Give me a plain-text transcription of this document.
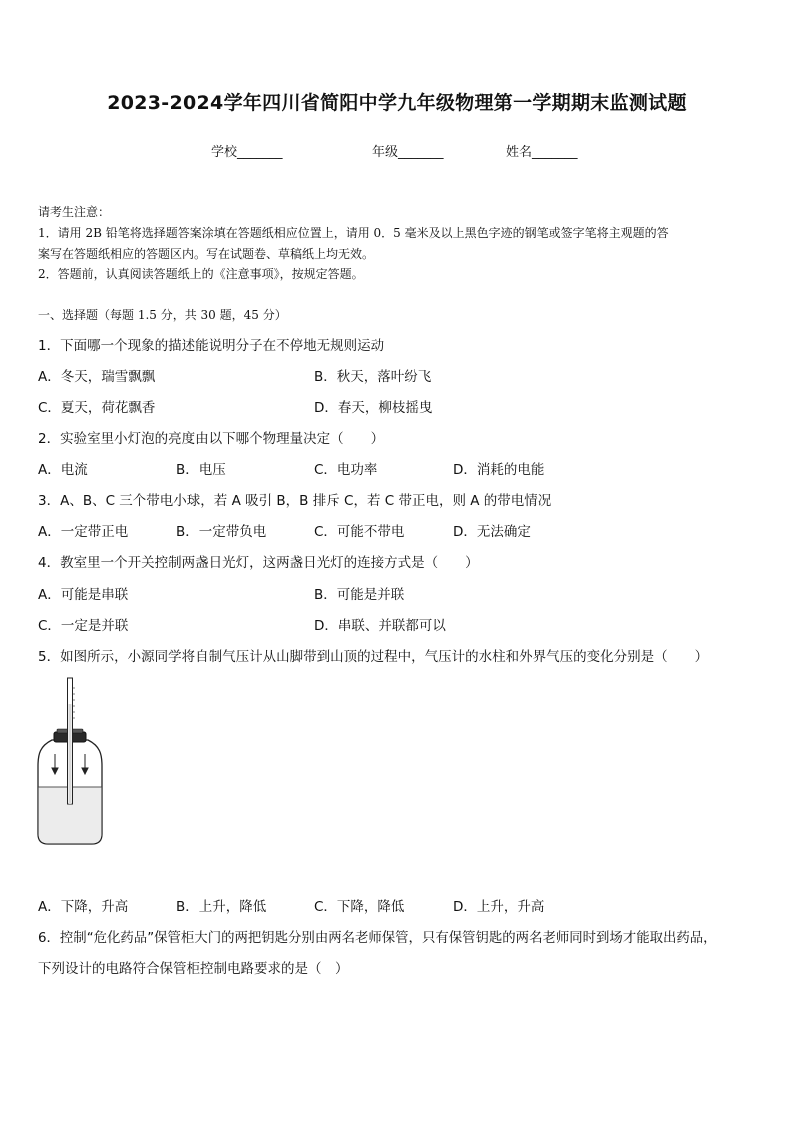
2023-2024学年四川省简阳中学九年级物理第一学期期末监测试题
学校_______	年级_______	姓名_______
请考生注意：
1．请用 2B 铅笔将选择题答案涂填在答题纸相应位置上，请用 0．5 毫米及以上黑色字迹的钢笔或签字笔将主观题的答
案写在答题纸相应的答题区内。写在试题卷、草稿纸上均无效。
2．答题前，认真阅读答题纸上的《注意事项》，按规定答题。
一、选择题（每题 1.5 分，共 30 题，45 分）
1．下面哪一个现象的描述能说明分子在不停地无规则运动
A．冬天，瑞雪飘飘	B．秋天，落叶纷飞
C．夏天，荷花飘香	D．春天，柳枝摇曳
2．实验室里小灯泡的亮度由以下哪个物理量决定（　　）
A．电流	B．电压	C．电功率	D．消耗的电能
3．A、B、C 三个带电小球，若 A 吸引 B，B 排斥 C，若 C 带正电，则 A 的带电情况
A．一定带正电	B．一定带负电	C．可能不带电	D．无法确定
4．教室里一个开关控制两盏日光灯，这两盏日光灯的连接方式是（　　）
A．可能是串联	B．可能是并联
C．一定是并联	D．串联、并联都可以
5．如图所示，小源同学将自制气压计从山脚带到山顶的过程中，气压计的水柱和外界气压的变化分别是（　　）
A．下降，升高	B．上升，降低	C．下降，降低	D．上升，升高
6．控制“危化药品”保管柜大门的两把钥匙分别由两名老师保管，只有保管钥匙的两名老师同时到场才能取出药品，
下列设计的电路符合保管柜控制电路要求的是（　）
